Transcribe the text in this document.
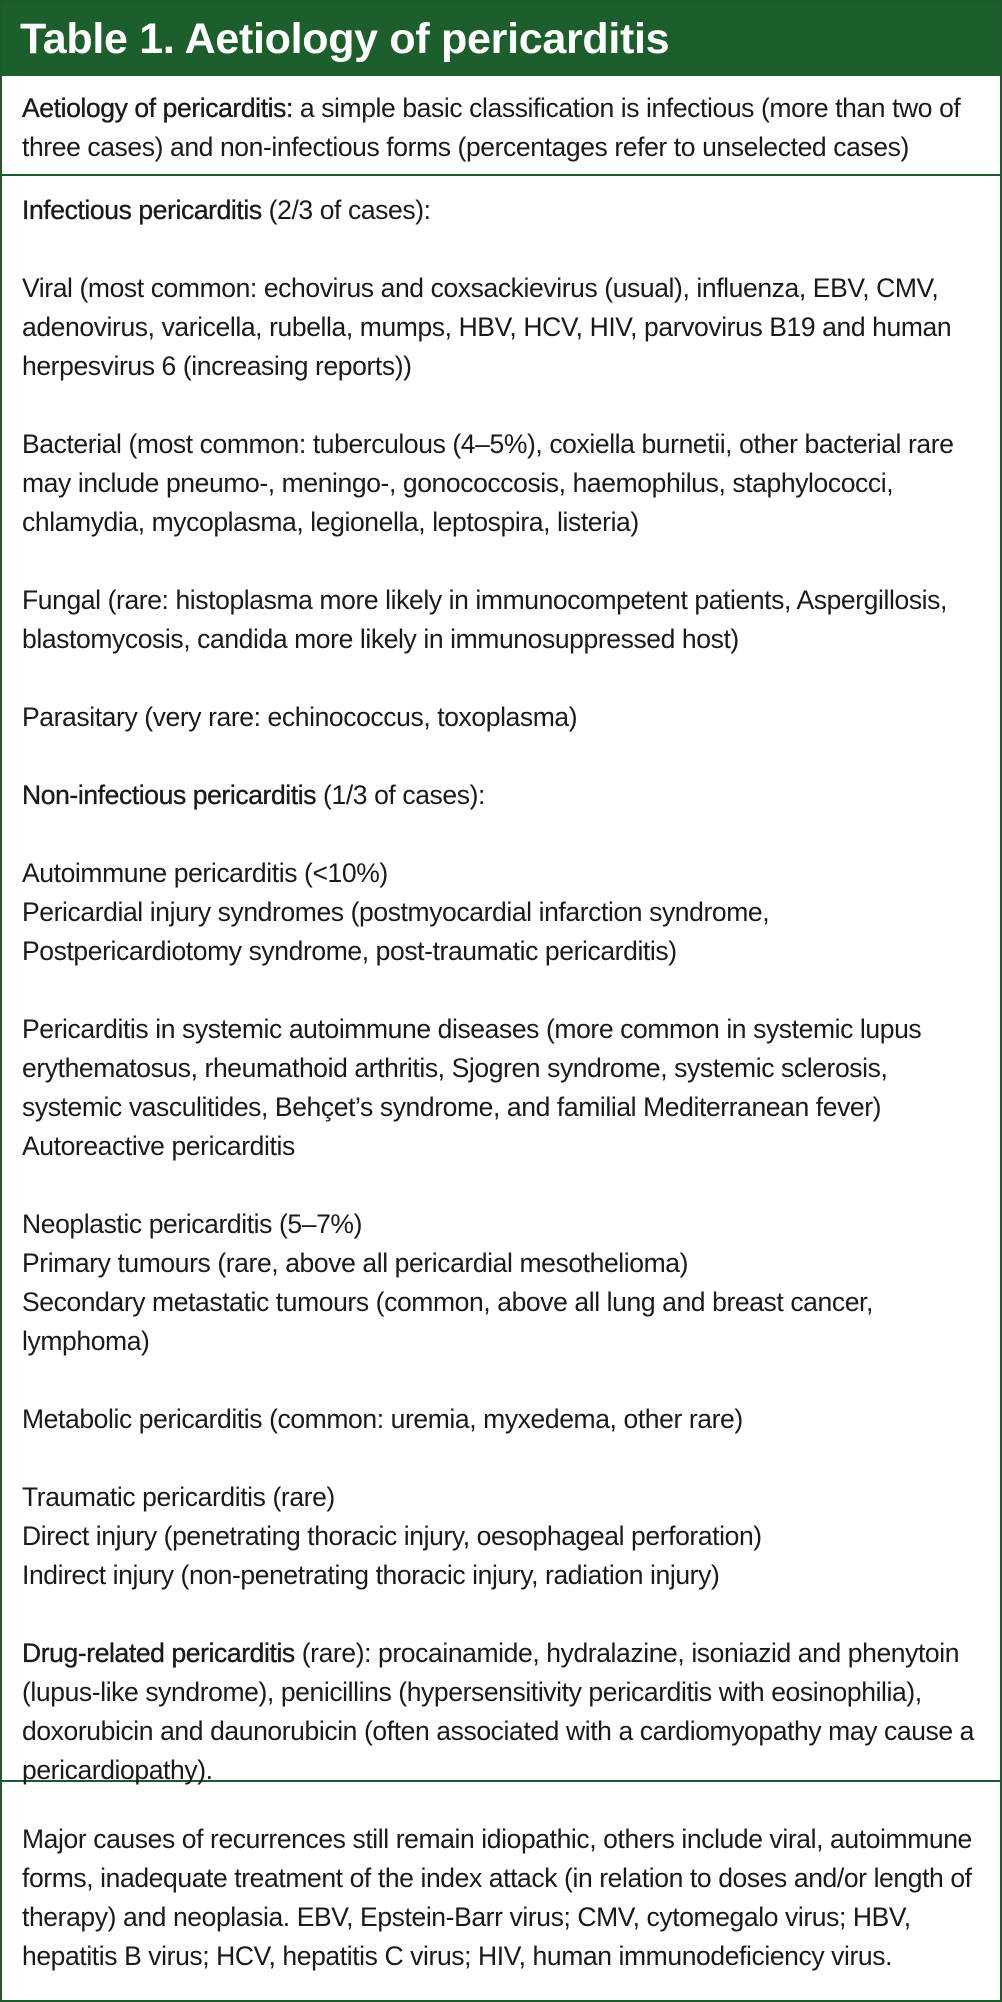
Table 1. Aetiology of pericarditis

Aetiology of pericarditis: a simple basic classification is infectious (more than two of three cases) and non-infectious forms (percentages refer to unselected cases)

Infectious pericarditis (2/3 of cases):

Viral (most common: echovirus and coxsackievirus (usual), influenza, EBV, CMV, adenovirus, varicella, rubella, mumps, HBV, HCV, HIV, parvovirus B19 and human herpesvirus 6 (increasing reports))

Bacterial (most common: tuberculous (4–5%), coxiella burnetii, other bacterial rare may include pneumo-, meningo-, gonococcosis, haemophilus, staphylococci, chlamydia, mycoplasma, legionella, leptospira, listeria)

Fungal (rare: histoplasma more likely in immunocompetent patients, Aspergillosis, blastomycosis, candida more likely in immunosuppressed host)

Parasitary (very rare: echinococcus, toxoplasma)

Non-infectious pericarditis (1/3 of cases):

Autoimmune pericarditis (<10%)

Pericardial injury syndromes (postmyocardial infarction syndrome, Postpericardiotomy syndrome, post-traumatic pericarditis)

Pericarditis in systemic autoimmune diseases (more common in systemic lupus erythematosus, rheumathoid arthritis, Sjogren syndrome, systemic sclerosis, systemic vasculitides, Behçet’s syndrome, and familial Mediterranean fever)

Autoreactive pericarditis

Neoplastic pericarditis (5–7%)

Primary tumours (rare, above all pericardial mesothelioma)

Secondary metastatic tumours (common, above all lung and breast cancer, lymphoma)

Metabolic pericarditis (common: uremia, myxedema, other rare)

Traumatic pericarditis (rare)

Direct injury (penetrating thoracic injury, oesophageal perforation)

Indirect injury (non-penetrating thoracic injury, radiation injury)

Drug-related pericarditis (rare): procainamide, hydralazine, isoniazid and phenytoin (lupus-like syndrome), penicillins (hypersensitivity pericarditis with eosinophilia), doxorubicin and daunorubicin (often associated with a cardiomyopathy may cause a pericardiopathy).

Major causes of recurrences still remain idiopathic, others include viral, autoimmune forms, inadequate treatment of the index attack (in relation to doses and/or length of therapy) and neoplasia. EBV, Epstein-Barr virus; CMV, cytomegalo virus; HBV, hepatitis B virus; HCV, hepatitis C virus; HIV, human immunodeficiency virus.
